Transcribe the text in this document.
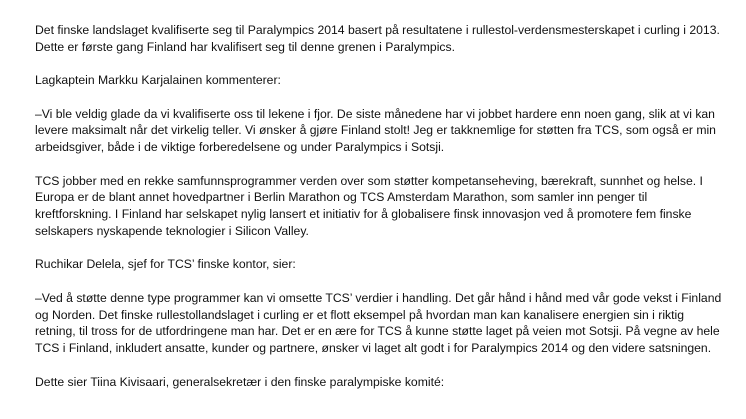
Det finske landslaget kvalifiserte seg til Paralympics 2014 basert på resultatene i rullestol-verdensmesterskapet i curling i 2013. Dette er første gang Finland har kvalifisert seg til denne grenen i Paralympics.

Lagkaptein Markku Karjalainen kommenterer:

–Vi ble veldig glade da vi kvalifiserte oss til lekene i fjor. De siste månedene har vi jobbet hardere enn noen gang, slik at vi kan levere maksimalt når det virkelig teller. Vi ønsker å gjøre Finland stolt! Jeg er takknemlige for støtten fra TCS, som også er min arbeidsgiver, både i de viktige forberedelsene og under Paralympics i Sotsji.

TCS jobber med en rekke samfunnsprogrammer verden over som støtter kompetanseheving, bærekraft, sunnhet og helse. I Europa er de blant annet hovedpartner i Berlin Marathon og TCS Amsterdam Marathon, som samler inn penger til kreftforskning. I Finland har selskapet nylig lansert et initiativ for å globalisere finsk innovasjon ved å promotere fem finske selskapers nyskapende teknologier i Silicon Valley.

Ruchikar Delela, sjef for TCS’ finske kontor, sier:

–Ved å støtte denne type programmer kan vi omsette TCS’ verdier i handling. Det går hånd i hånd med vår gode vekst i Finland og Norden. Det finske rullestollandslaget i curling er et flott eksempel på hvordan man kan kanalisere energien sin i riktig retning, til tross for de utfordringene man har. Det er en ære for TCS å kunne støtte laget på veien mot Sotsji. På vegne av hele TCS i Finland, inkludert ansatte, kunder og partnere, ønsker vi laget alt godt i for Paralympics 2014 og den videre satsningen.

Dette sier Tiina Kivisaari, generalsekretær i den finske paralympiske komité:
